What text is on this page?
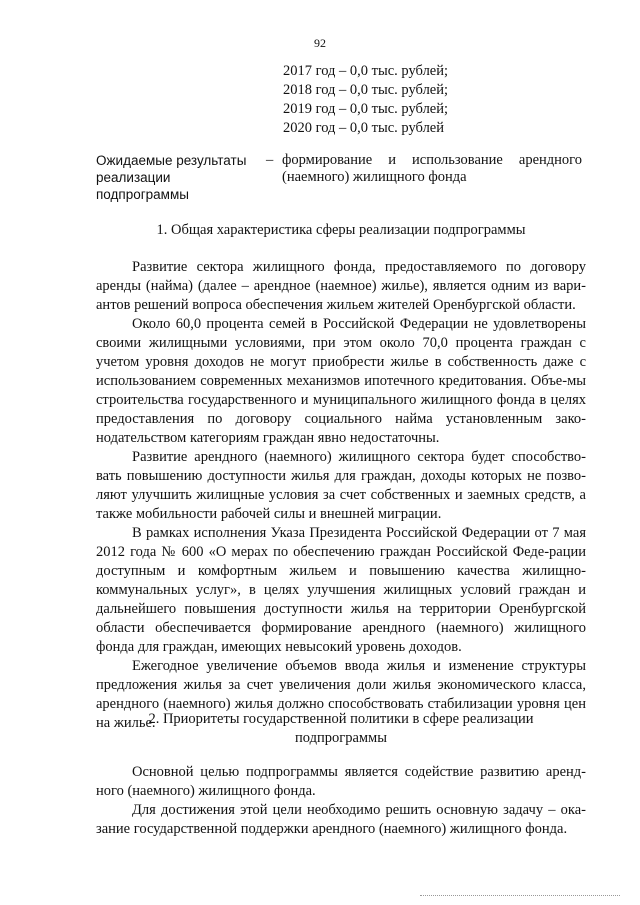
92
2017 год – 0,0 тыс. рублей;
2018 год – 0,0 тыс. рублей;
2019 год – 0,0 тыс. рублей;
2020 год – 0,0 тыс. рублей
Ожидаемые результаты реализации подпрограммы
– формирование и использование арендного (наемного) жилищного фонда
1. Общая характеристика сферы реализации подпрограммы

Развитие сектора жилищного фонда, предоставляемого по договору аренды (найма) (далее – арендное (наемное) жилье), является одним из вари-антов решений вопроса обеспечения жильем жителей Оренбургской области.

Около 60,0 процента семей в Российской Федерации не удовлетворены своими жилищными условиями, при этом около 70,0 процента граждан с учетом уровня доходов не могут приобрести жилье в собственность даже с использованием современных механизмов ипотечного кредитования. Объе-мы строительства государственного и муниципального жилищного фонда в целях предоставления по договору социального найма установленным зако-нодательством категориям граждан явно недостаточны.

Развитие арендного (наемного) жилищного сектора будет способство-вать повышению доступности жилья для граждан, доходы которых не позво-ляют улучшить жилищные условия за счет собственных и заемных средств, а также мобильности рабочей силы и внешней миграции.

В рамках исполнения Указа Президента Российской Федерации от 7 мая 2012 года № 600 «О мерах по обеспечению граждан Российской Феде-рации доступным и комфортным жильем и повышению качества жилищно-коммунальных услуг», в целях улучшения жилищных условий граждан и дальнейшего повышения доступности жилья на территории Оренбургской области обеспечивается формирование арендного (наемного) жилищного фонда для граждан, имеющих невысокий уровень доходов.

Ежегодное увеличение объемов ввода жилья и изменение структуры предложения жилья за счет увеличения доли жилья экономического класса, арендного (наемного) жилья должно способствовать стабилизации уровня цен на жилье.

2. Приоритеты государственной политики в сфере реализации
подпрограммы

Основной целью подпрограммы является содействие развитию аренд-ного (наемного) жилищного фонда.

Для достижения этой цели необходимо решить основную задачу – ока-зание государственной поддержки арендного (наемного) жилищного фонда.
